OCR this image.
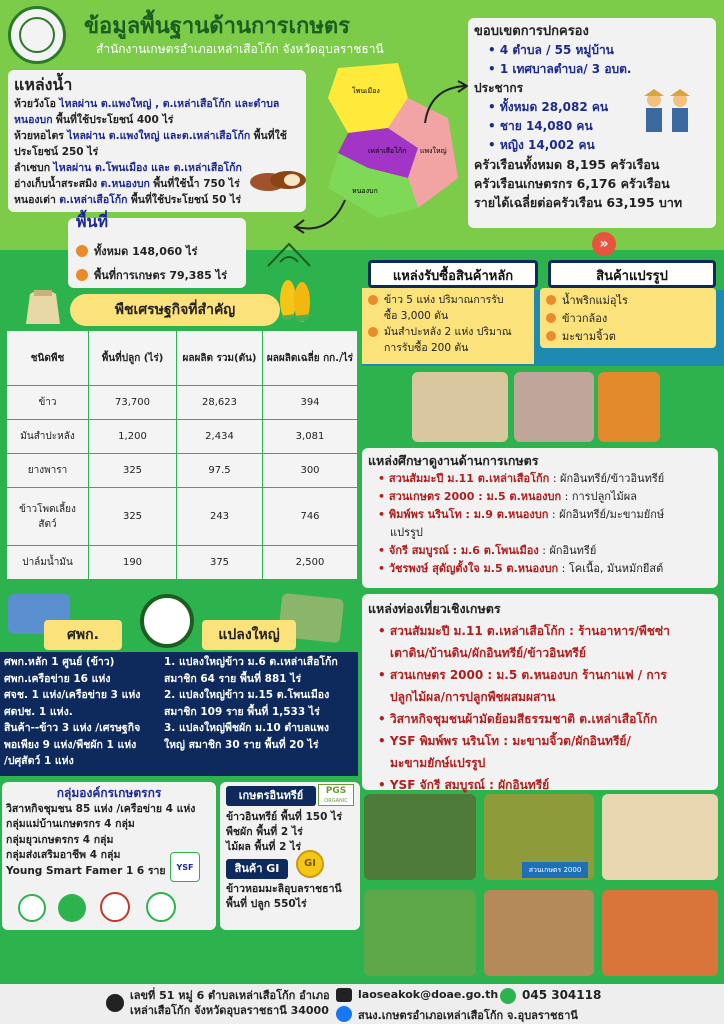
ข้อมูลพื้นฐานด้านการเกษตร
สำนักงานเกษตรอำเภอเหล่าเสือโก้ก จังหวัดอุบลราชธานี
แหล่งน้ำ
ห้วยวังโอ ไหลผ่าน ต.แพงใหญ่ , ต.เหล่าเสือโก้ก และตำบล
หนองบก พื้นที่ใช้ประโยชน์ 400 ไร่
ห้วยหอไตร ไหลผ่าน ต.แพงใหญ่ และต.เหล่าเสือโก้ก พื้นที่ใช้
ประโยชน์ 250 ไร่
ลำเซบก ไหลผ่าน ต.โพนเมือง และ ต.เหล่าเสือโก้ก
อ่างเก็บน้ำสระสมิง ต.หนองบก พื้นที่ใช้น้ำ 750 ไร่
หนองเต่า ต.เหล่าเสือโก้ก พื้นที่ใช้ประโยชน์ 50 ไร่
พื้นที่
ทั้งหมด 148,060 ไร่
พื้นที่การเกษตร 79,385 ไร่
โพนเมือง
เหล่าเสือโก้ก แพงใหญ่
หนองบก
ขอบเขตการปกครอง
• 4 ตำบล / 55 หมู่บ้าน
• 1 เทศบาลตำบล/ 3 อบต.
ประชากร
• ทั้งหมด 28,082 คน
• ชาย 14,080 คน
• หญิง 14,002 คน
ครัวเรือนทั้งหมด 8,195 ครัวเรือน
ครัวเรือนเกษตรกร 6,176 ครัวเรือน
รายได้เฉลี่ยต่อครัวเรือน 63,195 บาท
»
พืชเศรษฐกิจที่สำคัญ
ชนิดพืช	พื้นที่ปลูก (ไร่)	ผลผลิต รวม(ตัน)	ผลผลิตเฉลี่ย กก./ไร่
ข้าว	73,700	28,623	394
มันสำปะหลัง	1,200	2,434	3,081
ยางพารา	325	97.5	300
ข้าวโพดเลี้ยงสัตว์	325	243	746
ปาล์มน้ำมัน	190	375	2,500
แหล่งรับซื้อสินค้าหลัก	สินค้าแปรรูป
ข้าว 5 แห่ง ปริมาณการรับ
ซื้อ 3,000 ตัน
มันสำปะหลัง 2 แห่ง ปริมาณ
การรับซื้อ 200 ตัน
น้ำพริกแม่อุไร
ข้าวกล้อง
มะขามจิ้วต
แหล่งศึกษาดูงานด้านการเกษตร
• สวนสัมมะปี ม.11 ต.เหล่าเสือโก้ก : ผักอินทรีย์/ข้าวอินทรีย์
• สวนเกษตร 2000 : ม.5 ต.หนองบก : การปลูกไม้ผล
• พิมพ์พร นรินโท : ม.9 ต.หนองบก : ผักอินทรีย์/มะขามยักษ์
แปรรูป
• จักรี สมบูรณ์ : ม.6 ต.โพนเมือง : ผักอินทรีย์
• วัชรพงษ์ สุดัญตั้งใจ ม.5 ต.หนองบก : โคเนื้อ, มันหมักยีสต์
แหล่งท่องเที่ยวเชิงเกษตร
• สวนสัมมะปี ม.11 ต.เหล่าเสือโก้ก : ร้านอาหาร/พืชซ่า
เตาดิน/บ้านดิน/ผักอินทรีย์/ข้าวอินทรีย์
• สวนเกษตร 2000 : ม.5 ต.หนองบก ร้านกาแฟ / การ
ปลูกไม้ผล/การปลูกพืชผสมผสาน
• วิสาหกิจชุมชนผ้ามัดย้อมสีธรรมชาติ ต.เหล่าเสือโก้ก
• YSF พิมพ์พร นรินโท : มะขามจิ้วต/ผักอินทรีย์/
มะขามยักษ์แปรรูป
• YSF จักรี สมบูรณ์ : ผักอินทรีย์
ศพก.	แปลงใหญ่
ศพก.หลัก 1 ศูนย์ (ข้าว)
ศพก.เครือข่าย 16 แห่ง
ศจช. 1 แห่ง/เครือข่าย 3 แห่ง
ศดปช. 1 แห่ง.
สินค้า--ข้าว 3 แห่ง /เศรษฐกิจ
พอเพียง 9 แห่ง/พืชผัก 1 แห่ง
/ปศุสัตว์ 1 แห่ง
1. แปลงใหญ่ข้าว ม.6 ต.เหล่าเสือโก้ก
สมาชิก 64 ราย พื้นที่ 881 ไร่
2. แปลงใหญ่ข้าว ม.15 ต.โพนเมือง
สมาชิก 109 ราย พื้นที่ 1,533 ไร่
3. แปลงใหญ่พืชผัก ม.10 ตำบลแพง
ใหญ่ สมาชิก 30 ราย พื้นที่ 20 ไร่
กลุ่มองค์กรเกษตรกร
วิสาหกิจชุมชน 85 แห่ง /เครือข่าย 4 แห่ง
กลุ่มแม่บ้านเกษตรกร 4 กลุ่ม
กลุ่มยุวเกษตรกร 4 กลุ่ม
กลุ่มส่งเสริมอาชีพ 4 กลุ่ม
Young Smart Famer 1 6 ราย	YSF
เกษตรอินทรีย์
ข้าวอินทรีย์ พื้นที่ 150 ไร่
พืชผัก พื้นที่ 2 ไร่
ไม้ผล พื้นที่ 2 ไร่
สินค้า GI
ข้าวหอมมะลิอุบลราชธานี
พื้นที่ ปลูก 550ไร่
PGS
ORGANIC
GI
สวนเกษตร 2000
เลขที่ 51 หมู่ 6 ตำบลเหล่าเสือโก้ก อำเภอ
เหล่าเสือโก้ก จังหวัดอุบลราชธานี 34000
laoseakok@doae.go.th 045 304118
สนง.เกษตรอำเภอเหล่าเสือโก้ก จ.อุบลราชธานี
